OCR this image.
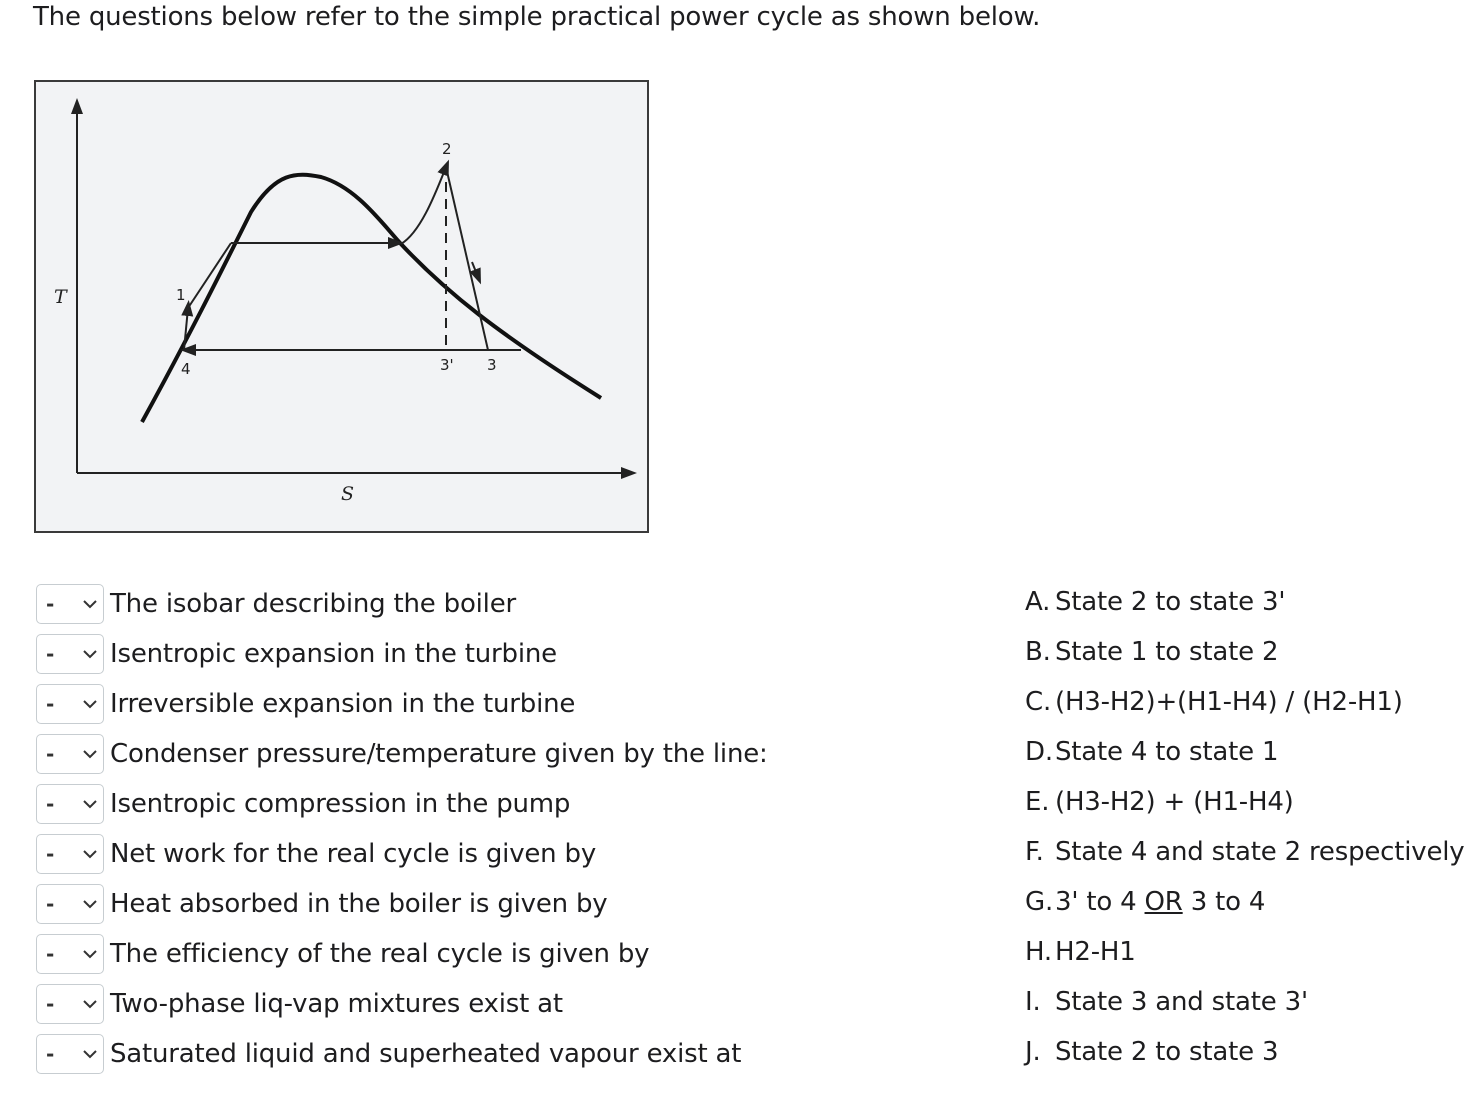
The questions below refer to the simple practical power cycle as shown below.
T
S
1
2
3' 3
4
- The isobar describing the boiler
- Isentropic expansion in the turbine
- Irreversible expansion in the turbine
- Condenser pressure/temperature given by the line:
- Isentropic compression in the pump
- Net work for the real cycle is given by
- Heat absorbed in the boiler is given by
- The efficiency of the real cycle is given by
- Two-phase liq-vap mixtures exist at
- Saturated liquid and superheated vapour exist at
A. State 2 to state 3'
B. State 1 to state 2
C. (H3-H2)+(H1-H4) / (H2-H1)
D. State 4 to state 1
E. (H3-H2) + (H1-H4)
F. State 4 and state 2 respectively
G. 3' to 4 OR 3 to 4
H. H2-H1
I. State 3 and state 3'
J. State 2 to state 3
